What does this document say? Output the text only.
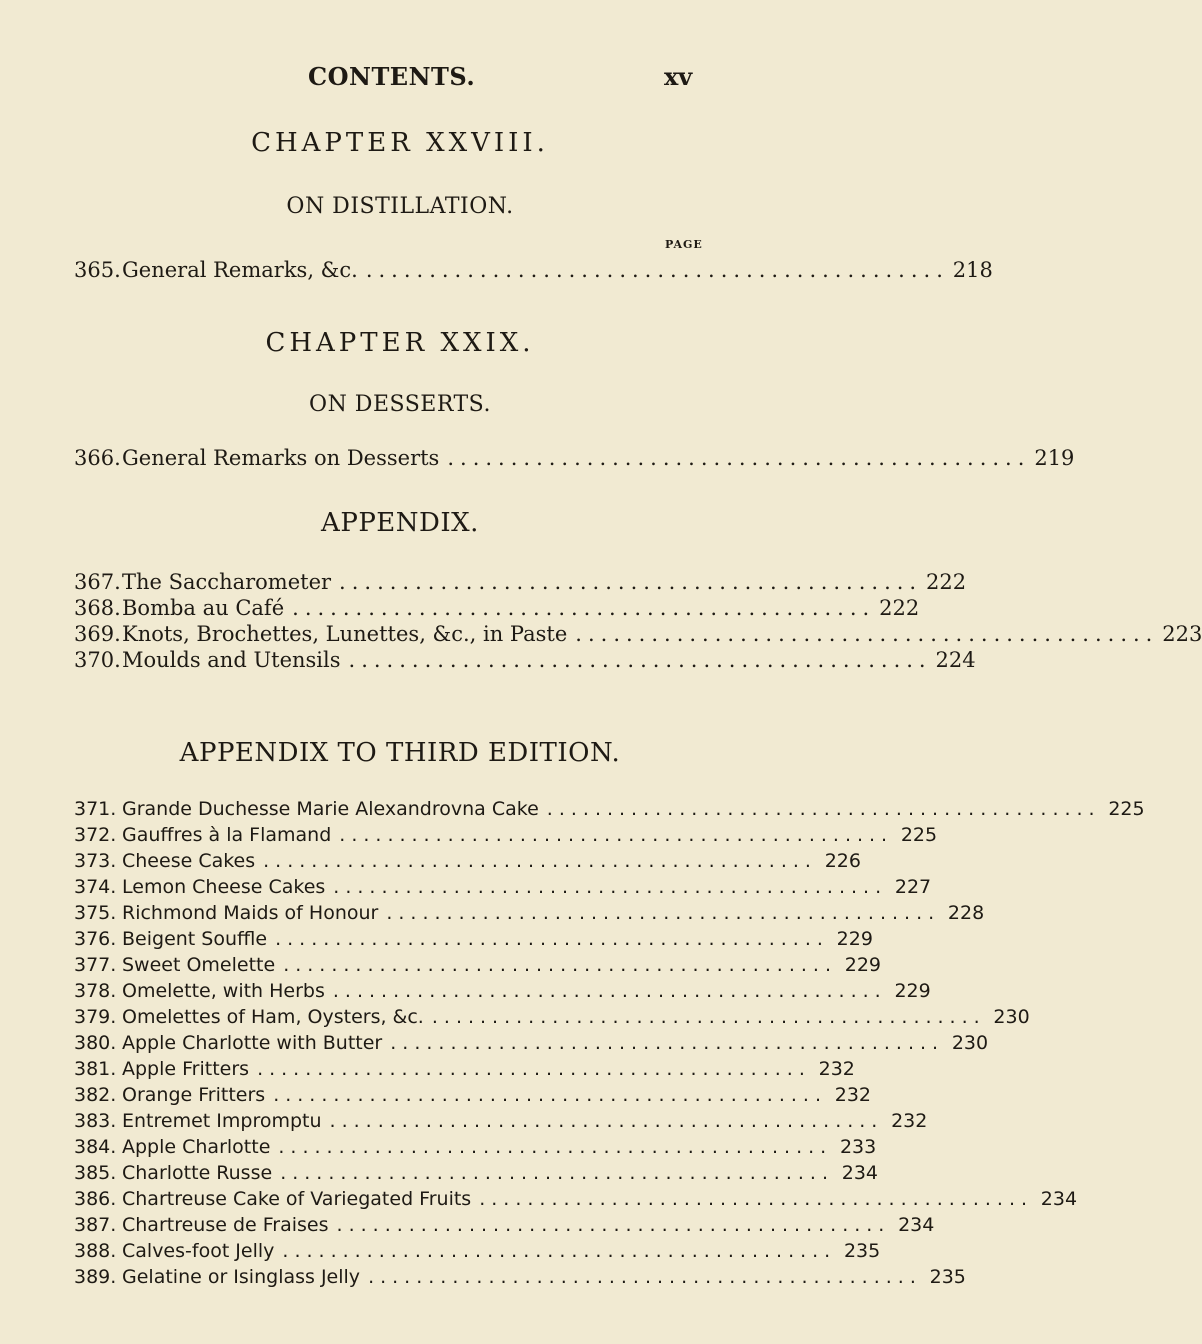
CONTENTS.	xv
CHAPTER XXVIII.
ON DISTILLATION.
PAGE
365. General Remarks, &c. .............................................. 218
CHAPTER XXIX.
ON DESSERTS.
366. General Remarks on Desserts .............................................. 219
APPENDIX.
367. The Saccharometer .............................................. 222
368. Bomba au Café .............................................. 222
369. Knots, Brochettes, Lunettes, &c., in Paste .............................................. 223
370. Moulds and Utensils .............................................. 224
APPENDIX TO THIRD EDITION.
371. Grande Duchesse Marie Alexandrovna Cake .............................................. 225
372. Gauffres à la Flamand .............................................. 225
373. Cheese Cakes .............................................. 226
374. Lemon Cheese Cakes .............................................. 227
375. Richmond Maids of Honour .............................................. 228
376. Beigent Souffle .............................................. 229
377. Sweet Omelette .............................................. 229
378. Omelette, with Herbs .............................................. 229
379. Omelettes of Ham, Oysters, &c. .............................................. 230
380. Apple Charlotte with Butter .............................................. 230
381. Apple Fritters .............................................. 232
382. Orange Fritters .............................................. 232
383. Entremet Impromptu .............................................. 232
384. Apple Charlotte .............................................. 233
385. Charlotte Russe .............................................. 234
386. Chartreuse Cake of Variegated Fruits .............................................. 234
387. Chartreuse de Fraises .............................................. 234
388. Calves-foot Jelly .............................................. 235
389. Gelatine or Isinglass Jelly .............................................. 235
